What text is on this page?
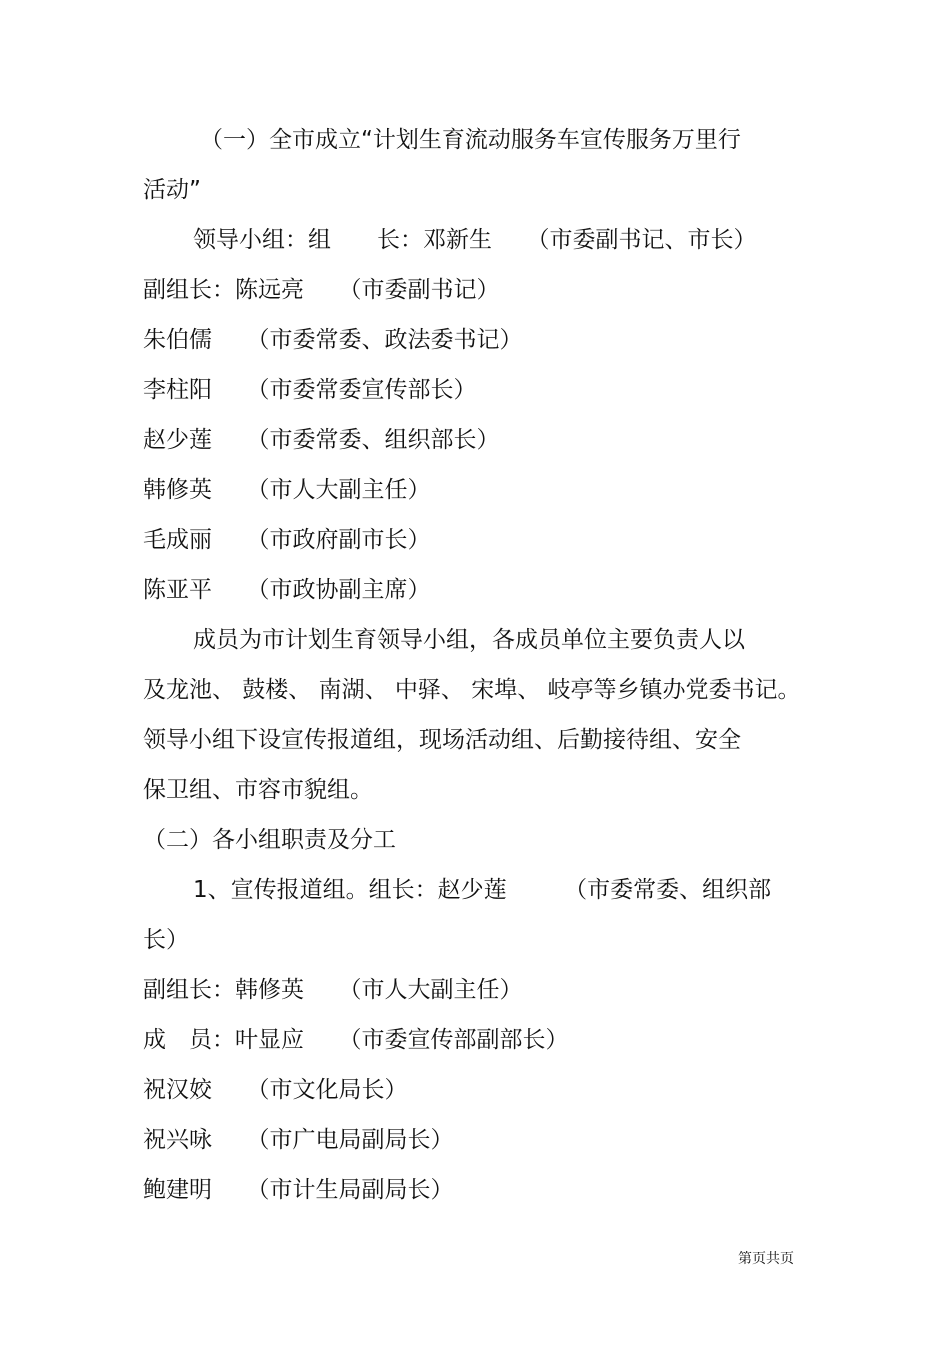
（一）全市成立“计划生育流动服务车宣传服务万里行
活动”
领导小组：组　　长：邓新生　　（市委副书记、市长）
副组长：陈远亮　　（市委副书记）
朱伯儒　　（市委常委、政法委书记）
李柱阳　　（市委常委宣传部长）
赵少莲　　（市委常委、组织部长）
韩修英　　（市人大副主任）
毛成丽　　（市政府副市长）
陈亚平　　（市政协副主席）
成员为市计划生育领导小组，各成员单位主要负责人以
及龙池、 鼓楼、 南湖、 中驿、 宋埠、 岐亭等乡镇办党委书记。
领导小组下设宣传报道组，现场活动组、后勤接待组、安全
保卫组、市容市貌组。
（二）各小组职责及分工
1、宣传报道组。组长：赵少莲　　　（市委常委、组织部
长）
副组长：韩修英　　（市人大副主任）
成　员：叶显应　　（市委宣传部副部长）
祝汉姣　　（市文化局长）
祝兴咏　　（市广电局副局长）
鲍建明　　（市计生局副局长）
第页共页
